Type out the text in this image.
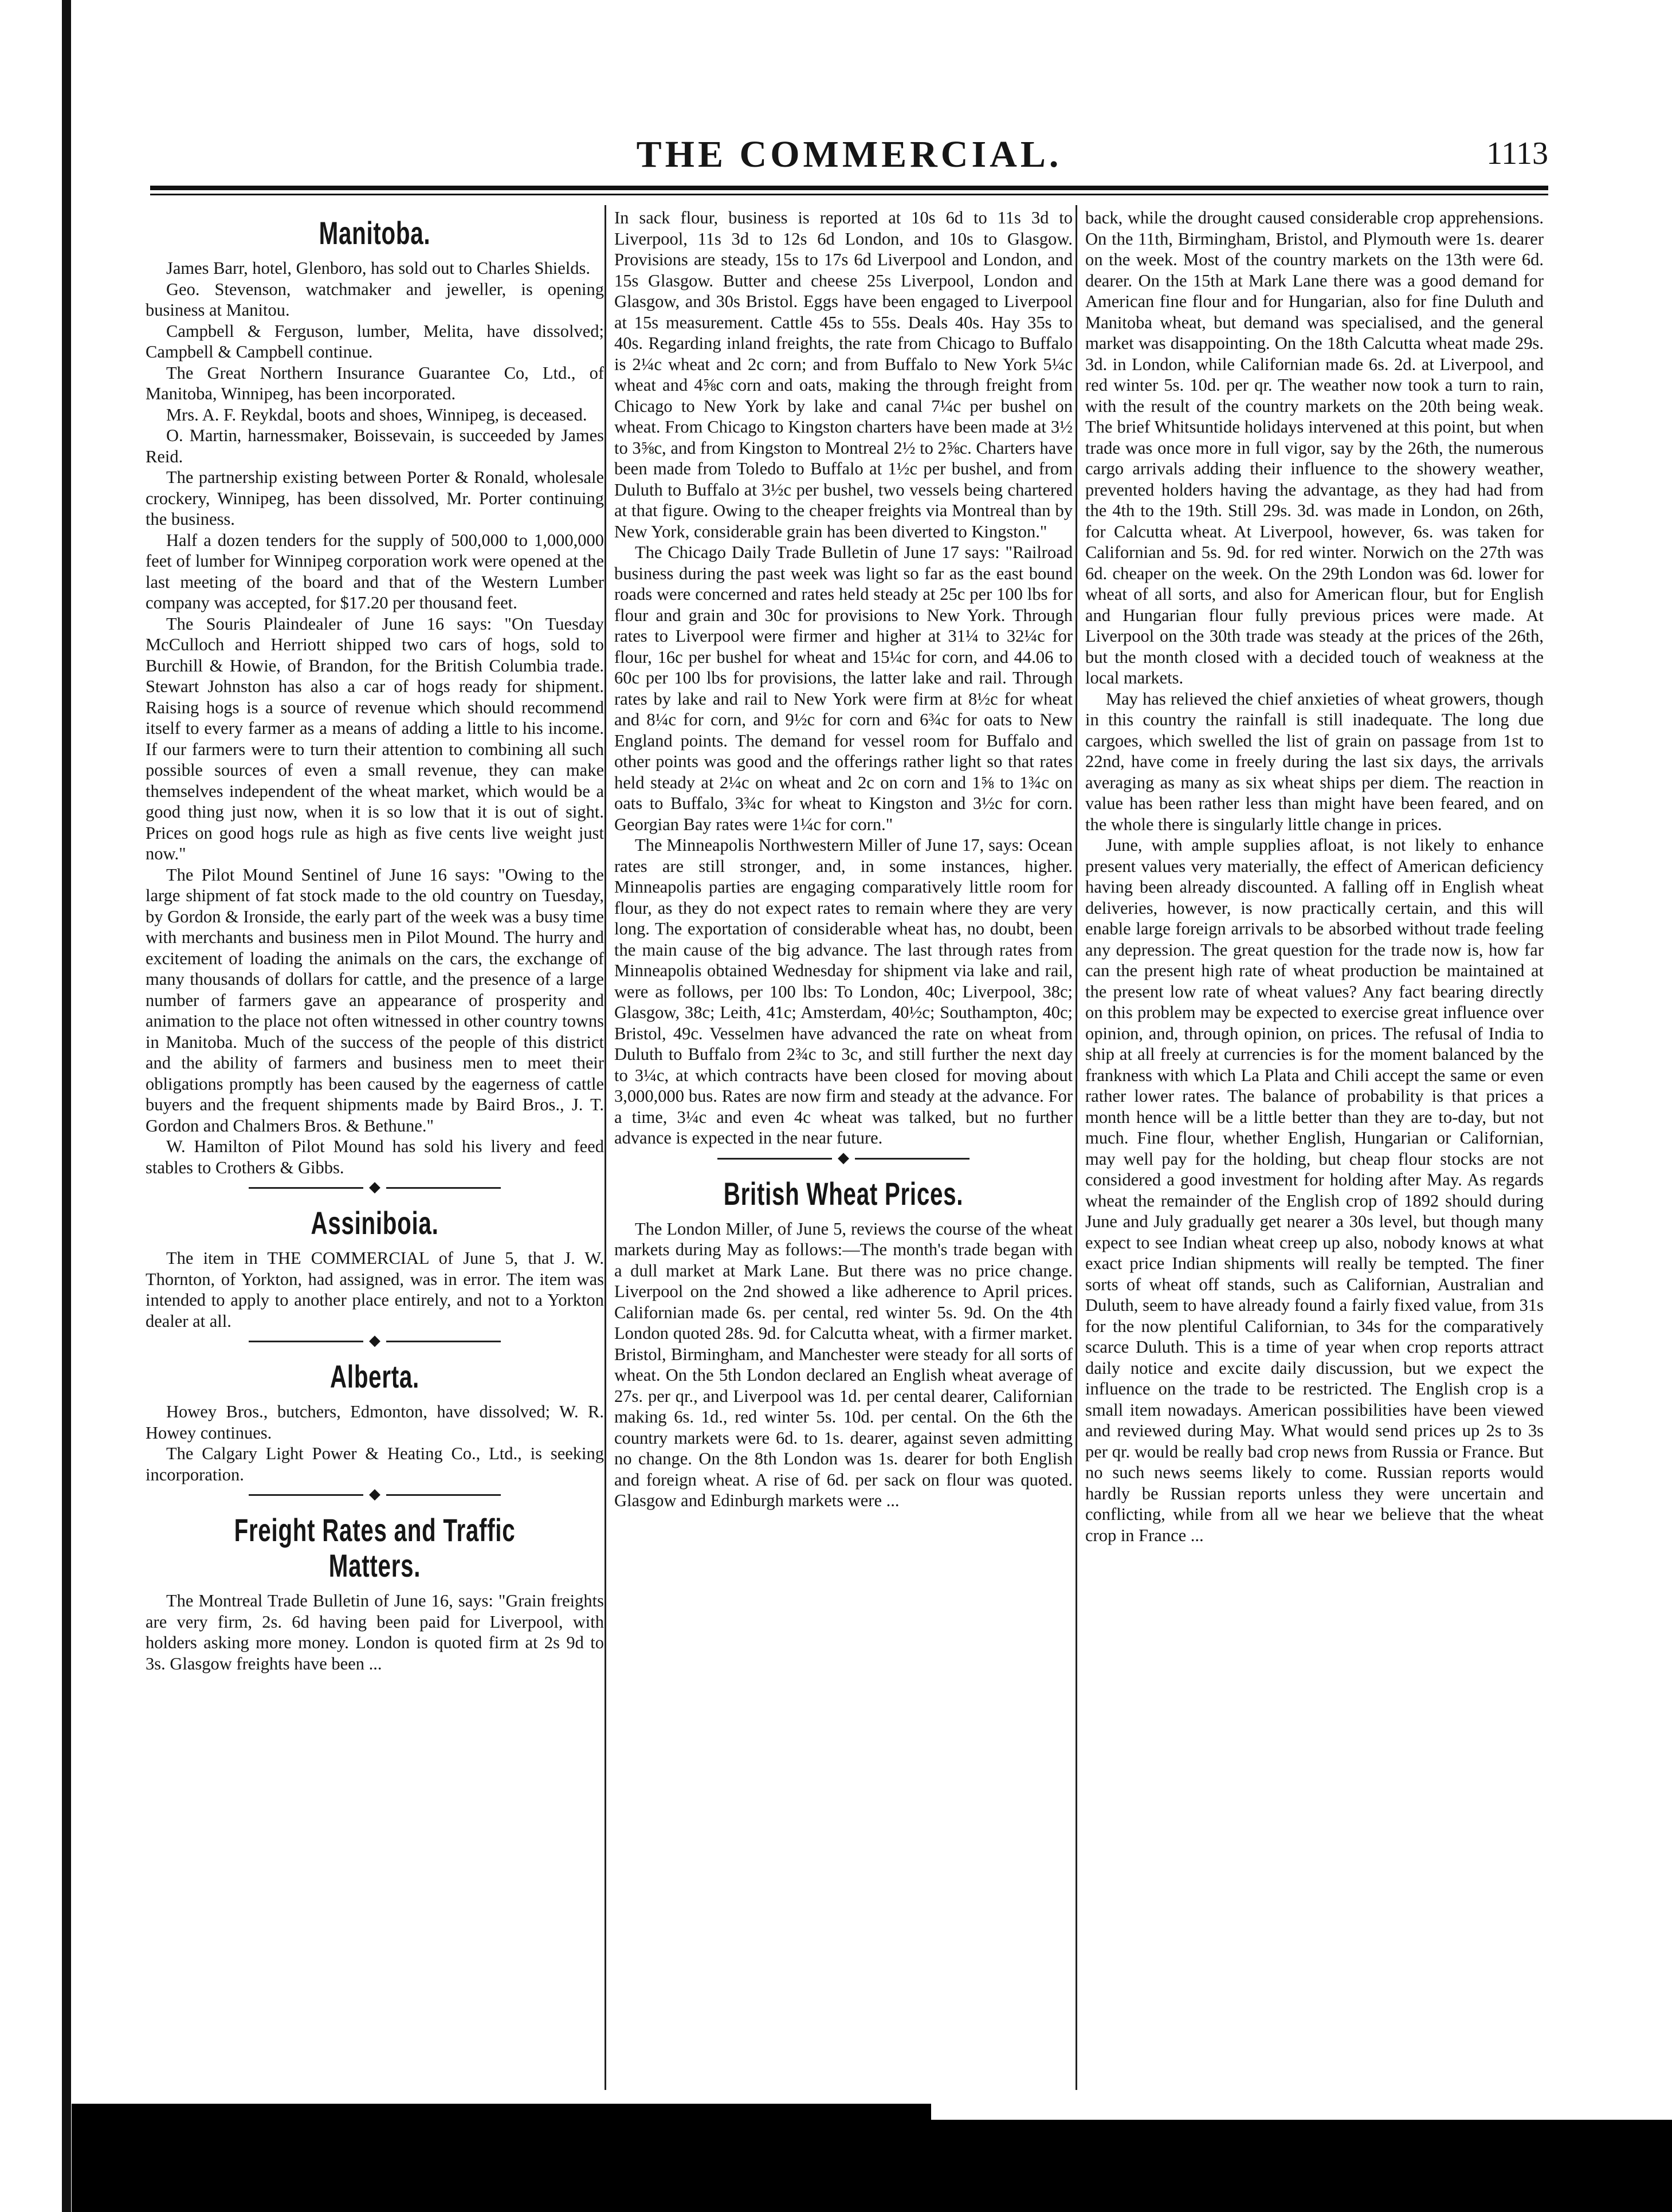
THE COMMERCIAL.	1113
Manitoba.

James Barr, hotel, Glenboro, has sold out to Charles Shields.

Geo. Stevenson, watchmaker and jeweller, is opening business at Manitou.

Campbell & Ferguson, lumber, Melita, have dissolved; Campbell & Campbell continue.

The Great Northern Insurance Guarantee Co, Ltd., of Manitoba, Winnipeg, has been incorporated.

Mrs. A. F. Reykdal, boots and shoes, Winnipeg, is deceased.

O. Martin, harnessmaker, Boissevain, is succeeded by James Reid.

The partnership existing between Porter & Ronald, wholesale crockery, Winnipeg, has been dissolved, Mr. Porter continuing the business.

Half a dozen tenders for the supply of 500,000 to 1,000,000 feet of lumber for Winnipeg corporation work were opened at the last meeting of the board and that of the Western Lumber company was accepted, for $17.20 per thousand feet.

The Souris Plaindealer of June 16 says: "On Tuesday McCulloch and Herriott shipped two cars of hogs, sold to Burchill & Howie, of Brandon, for the British Columbia trade. Stewart Johnston has also a car of hogs ready for shipment. Raising hogs is a source of revenue which should recommend itself to every farmer as a means of adding a little to his income. If our farmers were to turn their attention to combining all such possible sources of even a small revenue, they can make themselves independent of the wheat market, which would be a good thing just now, when it is so low that it is out of sight. Prices on good hogs rule as high as five cents live weight just now."

The Pilot Mound Sentinel of June 16 says: "Owing to the large shipment of fat stock made to the old country on Tuesday, by Gordon & Ironside, the early part of the week was a busy time with merchants and business men in Pilot Mound. The hurry and excitement of loading the animals on the cars, the exchange of many thousands of dollars for cattle, and the presence of a large number of farmers gave an appearance of prosperity and animation to the place not often witnessed in other country towns in Manitoba. Much of the success of the people of this district and the ability of farmers and business men to meet their obligations promptly has been caused by the eagerness of cattle buyers and the frequent shipments made by Baird Bros., J. T. Gordon and Chalmers Bros. & Bethune."

W. Hamilton of Pilot Mound has sold his livery and feed stables to Crothers & Gibbs.

◆
Assiniboia.

The item in THE COMMERCIAL of June 5, that J. W. Thornton, of Yorkton, had assigned, was in error. The item was intended to apply to another place entirely, and not to a Yorkton dealer at all.

◆
Alberta.

Howey Bros., butchers, Edmonton, have dissolved; W. R. Howey continues.

The Calgary Light Power & Heating Co., Ltd., is seeking incorporation.

◆
Freight Rates and Traffic Matters.

The Montreal Trade Bulletin of June 16, says: "Grain freights are very firm, 2s. 6d having been paid for Liverpool, with holders asking more money. London is quoted firm at 2s 9d to 3s. Glasgow freights have been ...

In sack flour, business is reported at 10s 6d to 11s 3d to Liverpool, 11s 3d to 12s 6d London, and 10s to Glasgow. Provisions are steady, 15s to 17s 6d Liverpool and London, and 15s Glasgow. Butter and cheese 25s Liverpool, London and Glasgow, and 30s Bristol. Eggs have been engaged to Liverpool at 15s measurement. Cattle 45s to 55s. Deals 40s. Hay 35s to 40s. Regarding inland freights, the rate from Chicago to Buffalo is 2¼c wheat and 2c corn; and from Buffalo to New York 5¼c wheat and 4⅝c corn and oats, making the through freight from Chicago to New York by lake and canal 7¼c per bushel on wheat. From Chicago to Kingston charters have been made at 3½ to 3⅝c, and from Kingston to Montreal 2½ to 2⅝c. Charters have been made from Toledo to Buffalo at 1½c per bushel, and from Duluth to Buffalo at 3½c per bushel, two vessels being chartered at that figure. Owing to the cheaper freights via Montreal than by New York, considerable grain has been diverted to Kingston."

The Chicago Daily Trade Bulletin of June 17 says: "Railroad business during the past week was light so far as the east bound roads were concerned and rates held steady at 25c per 100 lbs for flour and grain and 30c for provisions to New York. Through rates to Liverpool were firmer and higher at 31¼ to 32¼c for flour, 16c per bushel for wheat and 15¼c for corn, and 44.06 to 60c per 100 lbs for provisions, the latter lake and rail. Through rates by lake and rail to New York were firm at 8½c for wheat and 8¼c for corn, and 9½c for corn and 6¾c for oats to New England points. The demand for vessel room for Buffalo and other points was good and the offerings rather light so that rates held steady at 2¼c on wheat and 2c on corn and 1⅝ to 1¾c on oats to Buffalo, 3¾c for wheat to Kingston and 3½c for corn. Georgian Bay rates were 1¼c for corn."

The Minneapolis Northwestern Miller of June 17, says: Ocean rates are still stronger, and, in some instances, higher. Minneapolis parties are engaging comparatively little room for flour, as they do not expect rates to remain where they are very long. The exportation of considerable wheat has, no doubt, been the main cause of the big advance. The last through rates from Minneapolis obtained Wednesday for shipment via lake and rail, were as follows, per 100 lbs: To London, 40c; Liverpool, 38c; Glasgow, 38c; Leith, 41c; Amsterdam, 40½c; Southampton, 40c; Bristol, 49c. Vesselmen have advanced the rate on wheat from Duluth to Buffalo from 2¾c to 3c, and still further the next day to 3¼c, at which contracts have been closed for moving about 3,000,000 bus. Rates are now firm and steady at the advance. For a time, 3¼c and even 4c wheat was talked, but no further advance is expected in the near future.

◆
British Wheat Prices.

The London Miller, of June 5, reviews the course of the wheat markets during May as follows:—The month's trade began with a dull market at Mark Lane. But there was no price change. Liverpool on the 2nd showed a like adherence to April prices. Californian made 6s. per cental, red winter 5s. 9d. On the 4th London quoted 28s. 9d. for Calcutta wheat, with a firmer market. Bristol, Birmingham, and Manchester were steady for all sorts of wheat. On the 5th London declared an English wheat average of 27s. per qr., and Liverpool was 1d. per cental dearer, Californian making 6s. 1d., red winter 5s. 10d. per cental. On the 6th the country markets were 6d. to 1s. dearer, against seven admitting no change. On the 8th London was 1s. dearer for both English and foreign wheat. A rise of 6d. per sack on flour was quoted. Glasgow and Edinburgh markets were ...

back, while the drought caused considerable crop apprehensions. On the 11th, Birmingham, Bristol, and Plymouth were 1s. dearer on the week. Most of the country markets on the 13th were 6d. dearer. On the 15th at Mark Lane there was a good demand for American fine flour and for Hungarian, also for fine Duluth and Manitoba wheat, but demand was specialised, and the general market was disappointing. On the 18th Calcutta wheat made 29s. 3d. in London, while Californian made 6s. 2d. at Liverpool, and red winter 5s. 10d. per qr. The weather now took a turn to rain, with the result of the country markets on the 20th being weak. The brief Whitsuntide holidays intervened at this point, but when trade was once more in full vigor, say by the 26th, the numerous cargo arrivals adding their influence to the showery weather, prevented holders having the advantage, as they had had from the 4th to the 19th. Still 29s. 3d. was made in London, on 26th, for Calcutta wheat. At Liverpool, however, 6s. was taken for Californian and 5s. 9d. for red winter. Norwich on the 27th was 6d. cheaper on the week. On the 29th London was 6d. lower for wheat of all sorts, and also for American flour, but for English and Hungarian flour fully previous prices were made. At Liverpool on the 30th trade was steady at the prices of the 26th, but the month closed with a decided touch of weakness at the local markets.

May has relieved the chief anxieties of wheat growers, though in this country the rainfall is still inadequate. The long due cargoes, which swelled the list of grain on passage from 1st to 22nd, have come in freely during the last six days, the arrivals averaging as many as six wheat ships per diem. The reaction in value has been rather less than might have been feared, and on the whole there is singularly little change in prices.

June, with ample supplies afloat, is not likely to enhance present values very materially, the effect of American deficiency having been already discounted. A falling off in English wheat deliveries, however, is now practically certain, and this will enable large foreign arrivals to be absorbed without trade feeling any depression. The great question for the trade now is, how far can the present high rate of wheat production be maintained at the present low rate of wheat values? Any fact bearing directly on this problem may be expected to exercise great influence over opinion, and, through opinion, on prices. The refusal of India to ship at all freely at currencies is for the moment balanced by the frankness with which La Plata and Chili accept the same or even rather lower rates. The balance of probability is that prices a month hence will be a little better than they are to-day, but not much. Fine flour, whether English, Hungarian or Californian, may well pay for the holding, but cheap flour stocks are not considered a good investment for holding after May. As regards wheat the remainder of the English crop of 1892 should during June and July gradually get nearer a 30s level, but though many expect to see Indian wheat creep up also, nobody knows at what exact price Indian shipments will really be tempted. The finer sorts of wheat off stands, such as Californian, Australian and Duluth, seem to have already found a fairly fixed value, from 31s for the now plentiful Californian, to 34s for the comparatively scarce Duluth. This is a time of year when crop reports attract daily notice and excite daily discussion, but we expect the influence on the trade to be restricted. The English crop is a small item nowadays. American possibilities have been viewed and reviewed during May. What would send prices up 2s to 3s per qr. would be really bad crop news from Russia or France. But no such news seems likely to come. Russian reports would hardly be Russian reports unless they were uncertain and conflicting, while from all we hear we believe that the wheat crop in France ...
